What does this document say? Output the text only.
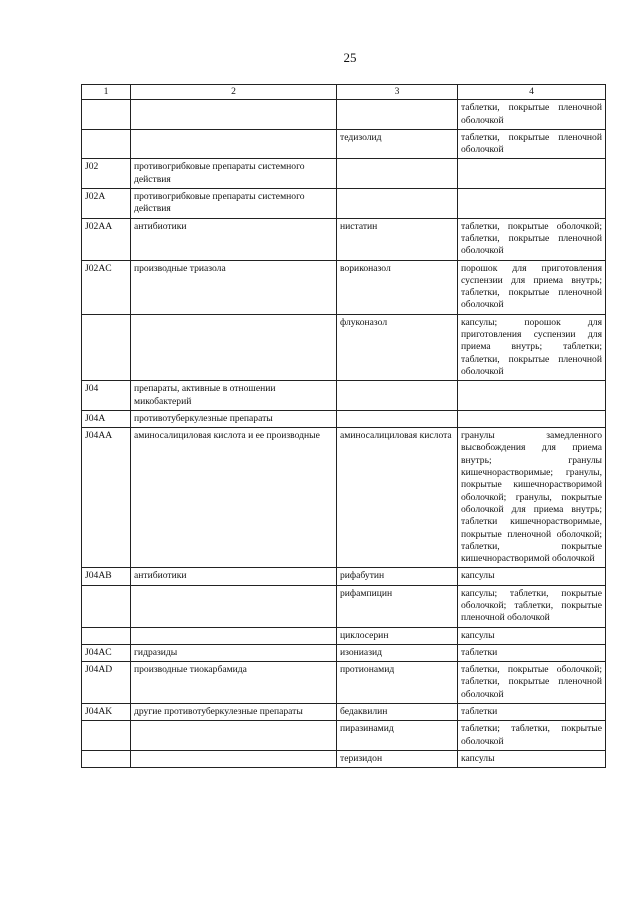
25
1	2	3	4
			таблетки, покрытые пленочной оболочкой
		тедизолид	таблетки, покрытые пленочной оболочкой
J02	противогрибковые препараты системного действия		
J02A	противогрибковые препараты системного действия		
J02AA	антибиотики	нистатин	таблетки, покрытые оболочкой; таблетки, покрытые пленочной оболочкой
J02AC	производные триазола	вориконазол	порошок для приготовления суспензии для приема внутрь; таблетки, покрытые пленочной оболочкой
		флуконазол	капсулы; порошок для приготовления суспензии для приема внутрь; таблетки; таблетки, покрытые пленочной оболочкой
J04	препараты, активные в отношении микобактерий		
J04A	противотуберкулезные препараты		
J04AA	аминосалициловая кислота и ее производные	аминосалициловая кислота	гранулы замедленного высвобождения для приема внутрь; гранулы кишечнорастворимые; гранулы, покрытые кишечнорастворимой оболочкой; гранулы, покрытые оболочкой для приема внутрь; таблетки кишечнорастворимые, покрытые пленочной оболочкой; таблетки, покрытые кишечнорастворимой оболочкой
J04AB	антибиотики	рифабутин	капсулы
		рифампицин	капсулы; таблетки, покрытые оболочкой; таблетки, покрытые пленочной оболочкой
		циклосерин	капсулы
J04AC	гидразиды	изониазид	таблетки
J04AD	производные тиокарбамида	протионамид	таблетки, покрытые оболочкой; таблетки, покрытые пленочной оболочкой
J04AK	другие противотуберкулезные препараты	бедаквилин	таблетки
		пиразинамид	таблетки; таблетки, покрытые оболочкой
		теризидон	капсулы
